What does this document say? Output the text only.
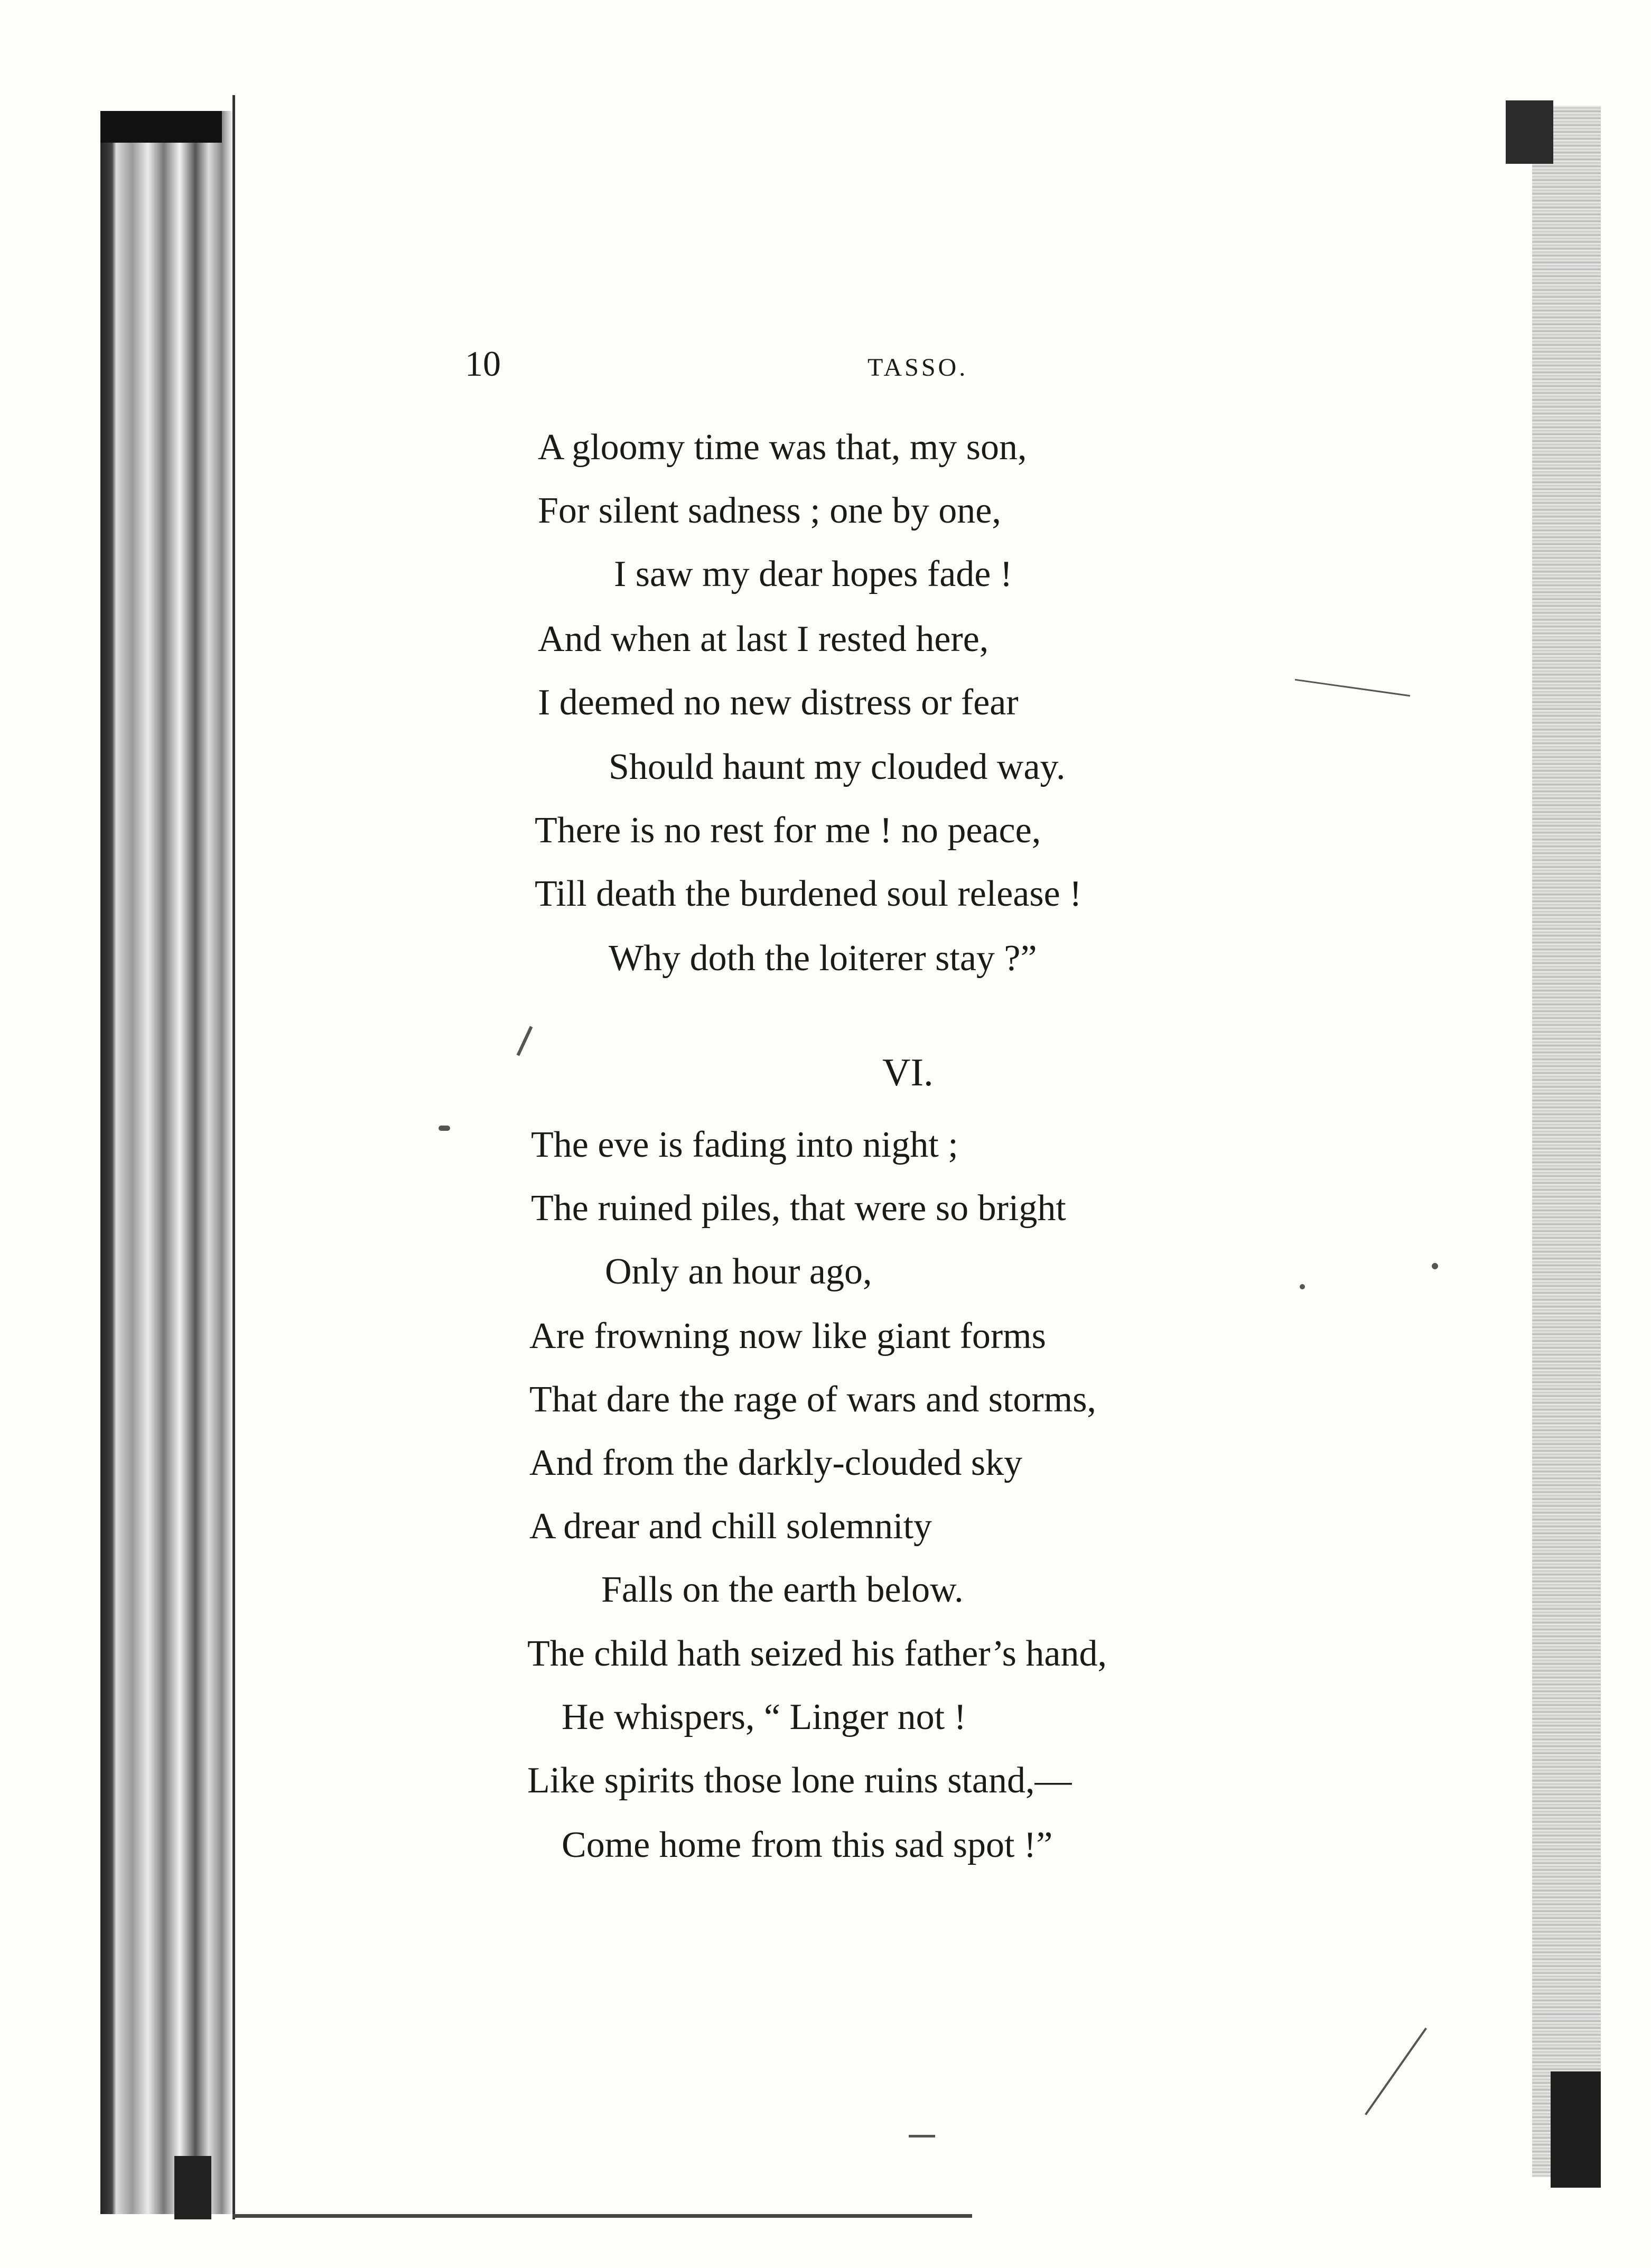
10	TASSO.
A gloomy time was that, my son,
For silent sadness ; one by one,
I saw my dear hopes fade !
And when at last I rested here,
I deemed no new distress or fear
Should haunt my clouded way.
There is no rest for me ! no peace,
Till death the burdened soul release !
Why doth the loiterer stay ?”
VI.
The eve is fading into night ;
The ruined piles, that were so bright
Only an hour ago,
Are frowning now like giant forms
That dare the rage of wars and storms,
And from the darkly-clouded sky
A drear and chill solemnity
Falls on the earth below.
The child hath seized his father’s hand,
He whispers, “ Linger not !
Like spirits those lone ruins stand,—
Come home from this sad spot !”
